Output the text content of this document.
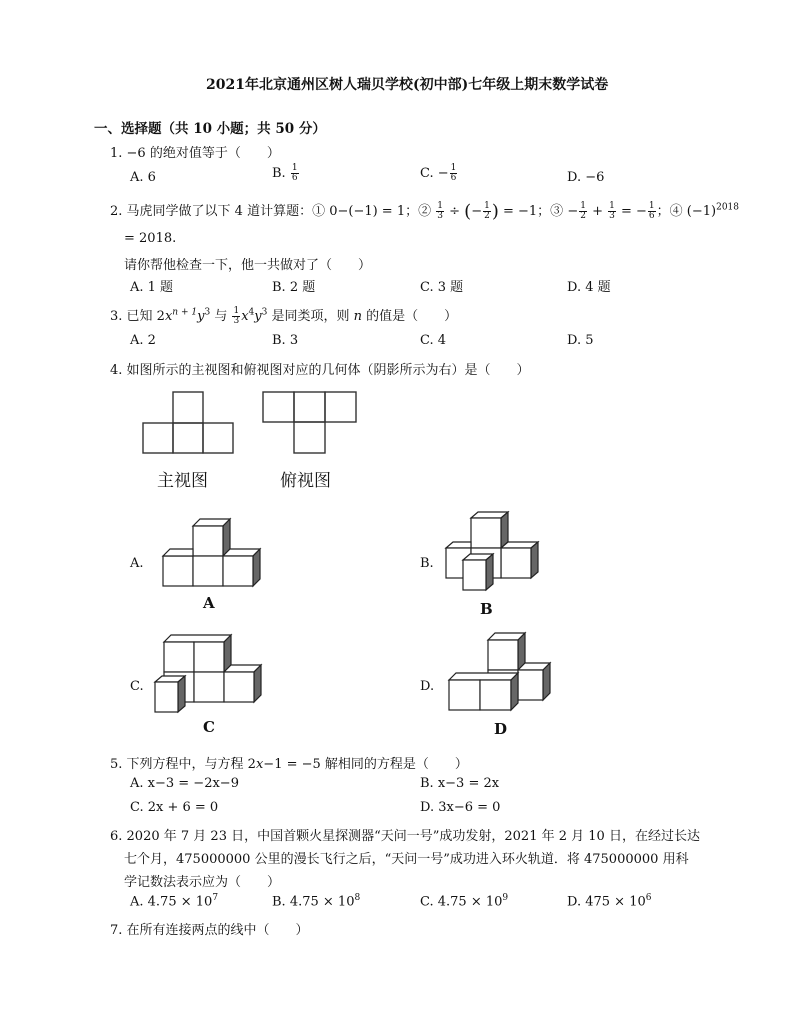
2021年北京通州区树人瑞贝学校(初中部)七年级上期末数学试卷
一、选择题（共 10 小题；共 50 分）
1. −6 的绝对值等于（　　）
A. 6	B. $\frac{1}{6}$	C. − $\frac{1}{6}$	D. −6
2. 马虎同学做了以下 4 道计算题：① 0−(−1) = 1；② $\frac{1}{3}$ ÷ (− $\frac{1}{2}$ ) = −1；③ − $\frac{1}{2} + \frac{1}{3}$ = − $\frac{1}{6}$ ；④ $(-1)^{2018}$
= 2018.
请你帮他检查一下，他一共做对了（　　）
A. 1 题	B. 2 题	C. 3 题	D. 4 题
3. 已知 $2x^{n + 1}y^3$ 与 $\frac{1}{3} x^4y^3$ 是同类项，则 n 的值是（　　）
A. 2	B. 3	C. 4	D. 5
4. 如图所示的主视图和俯视图对应的几何体（阴影所示为右）是（　　）
主视图	俯视图
A.
A
B.
B
C.
C
D.
D
5. 下列方程中，与方程 2x−1 = −5 解相同的方程是（　　）
A. x−3 = −2x−9	B. x−3 = 2x
C. 2x + 6 = 0	D. 3x−6 = 0
6. 2020 年 7 月 23 日，中国首颗火星探测器“天问一号”成功发射，2021 年 2 月 10 日，在经过长达
七个月，475000000 公里的漫长飞行之后，“天问一号”成功进入环火轨道．将 475000000 用科
学记数法表示应为（　　）
A. $4.75 \times 10^7$	B. $4.75 \times 10^8$	C. $4.75 \times 10^9$	D. $475 \times 10^6$
7. 在所有连接两点的线中（　　）
